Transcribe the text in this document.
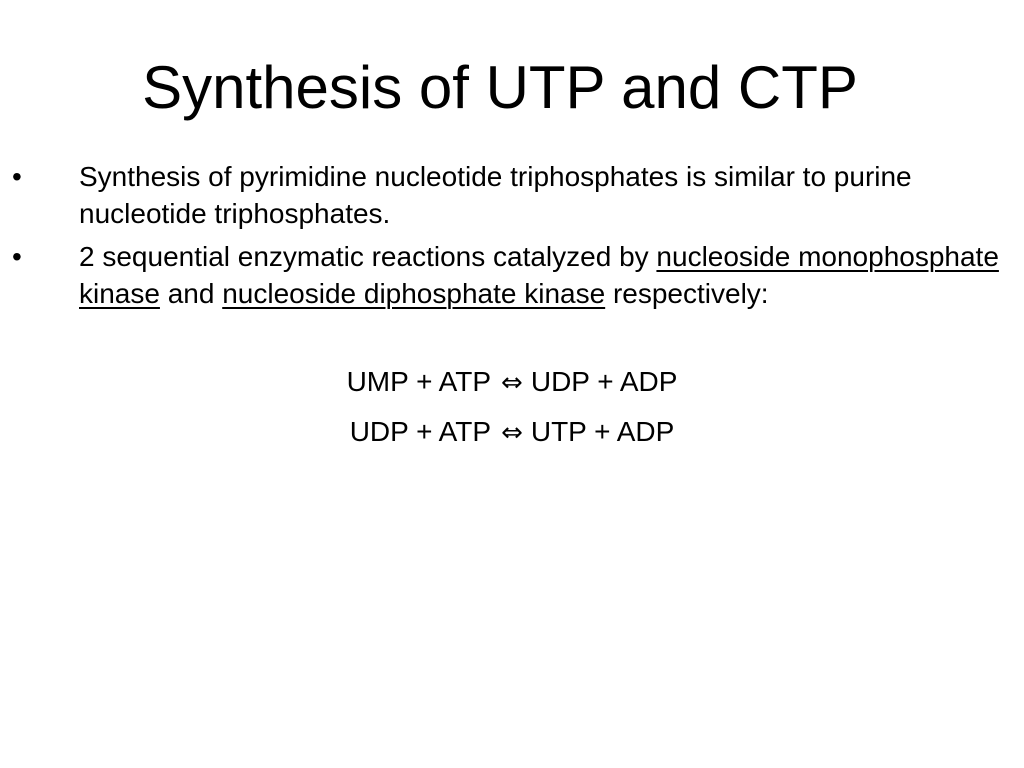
Synthesis of UTP and CTP
• Synthesis of pyrimidine nucleotide triphosphates is similar to purine nucleotide triphosphates.
• 2 sequential enzymatic reactions catalyzed by nucleoside monophosphate kinase and nucleoside diphosphate kinase respectively:
UMP + ATP ⇔ UDP + ADP
UDP + ATP ⇔ UTP + ADP
